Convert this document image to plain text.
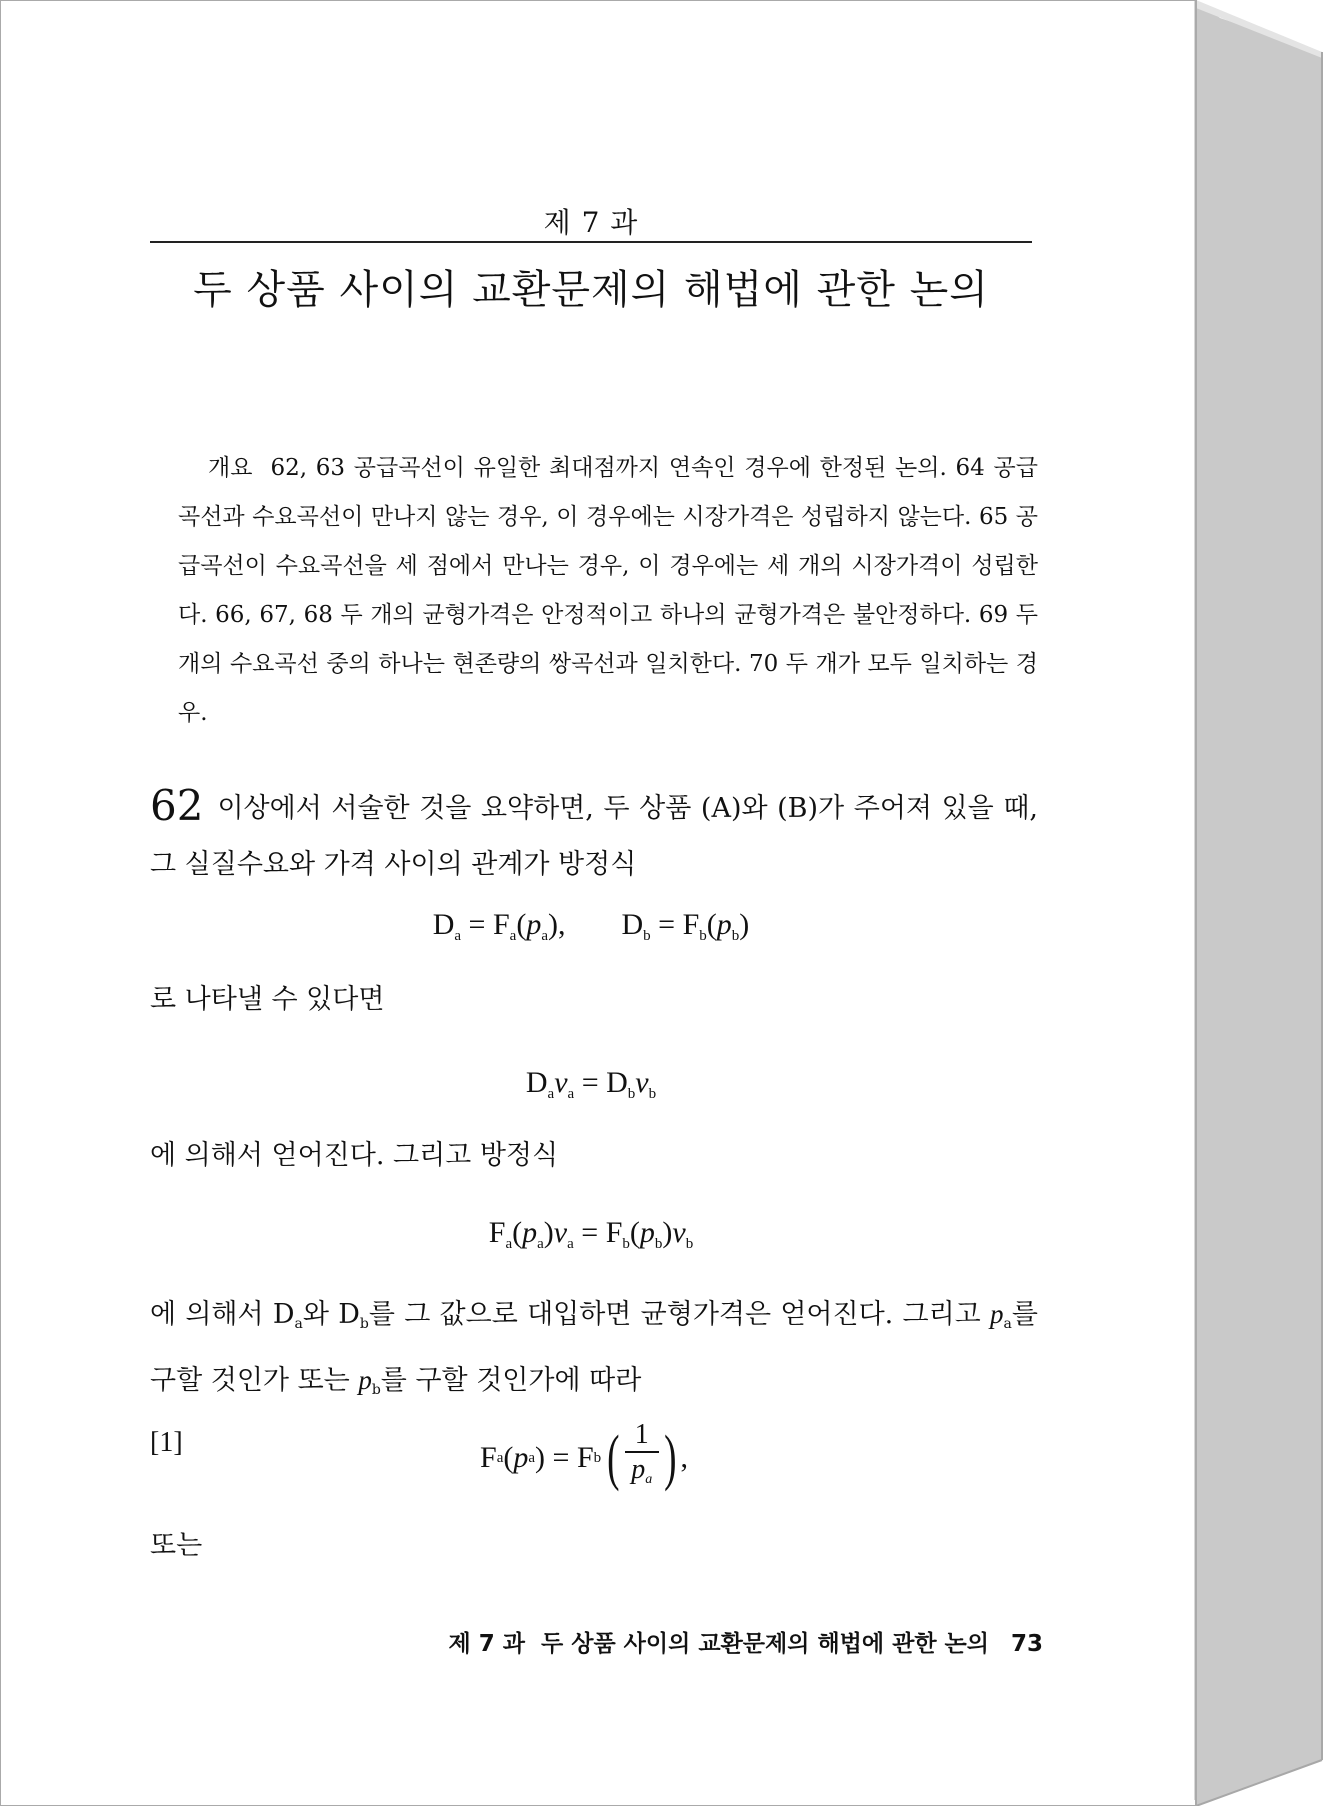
제 7 과
두 상품 사이의 교환문제의 해법에 관한 논의
개요 62, 63 공급곡선이 유일한 최대점까지 연속인 경우에 한정된 논의. 64 공급곡선과 수요곡선이 만나지 않는 경우, 이 경우에는 시장가격은 성립하지 않는다. 65 공급곡선이 수요곡선을 세 점에서 만나는 경우, 이 경우에는 세 개의 시장가격이 성립한다. 66, 67, 68 두 개의 균형가격은 안정적이고 하나의 균형가격은 불안정하다. 69 두 개의 수요곡선 중의 하나는 현존량의 쌍곡선과 일치한다. 70 두 개가 모두 일치하는 경우.
62 이상에서 서술한 것을 요약하면, 두 상품 (A)와 (B)가 주어져 있을 때, 그 실질수요와 가격 사이의 관계가 방정식
$D_a = F_a(p_a)$, $D_b = F_b(p_b)$
로 나타낼 수 있다면
$D_av_a = D_bv_b$
에 의해서 얻어진다. 그리고 방정식
$F_a(p_a)v_a = F_b(p_b)v_b$
에 의해서 $D_a$와 $D_b$를 그 값으로 대입하면 균형가격은 얻어진다. 그리고 $p_a$를 구할 것인가 또는 $p_b$를 구할 것인가에 따라
[1]	F a ( p a ) = F b ( $\frac{1}{p_a}$ ) ,
또는
제 7 과  두 상품 사이의 교환문제의 해법에 관한 논의 73
